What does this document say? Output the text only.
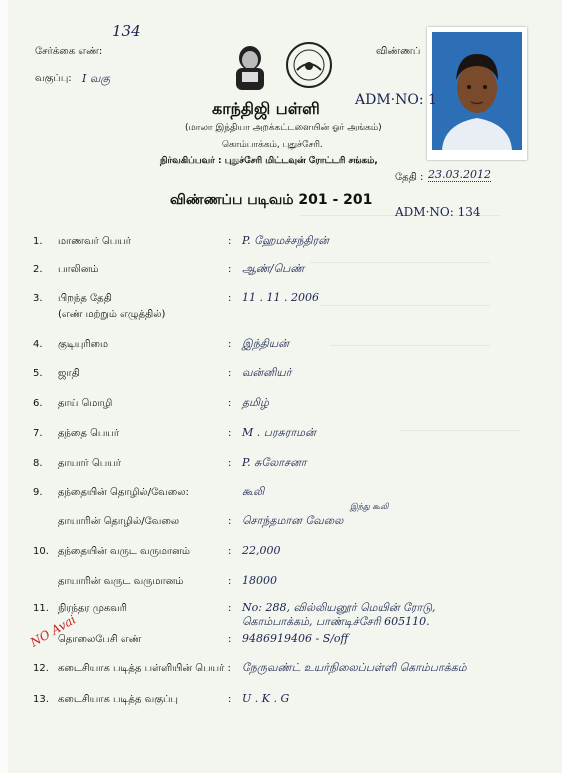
134
சேர்க்கை எண்:	விண்ணப்
வகுப்பு: I வகு
காந்திஜி பள்ளி	ADM·NO: 1
(மாலா இந்தியா அறக்கட்டளையின் ஓர் அங்கம்)
கொம்பாக்கம், புதுச்சேரி.
நிர்வகிப்பவர் : புதுச்சேரி மிட்டவுன் ரோட்டரி சங்கம்,
தேதி : 23.03.2012
விண்ணப்ப படிவம் 201 - 201
ADM·NO: 134
1. மாணவர் பெயர்	: P. ஹேமச்சந்திரன்
2. பாலினம்	: ஆண்/பெண்
3. பிறந்த தேதி
(எண் மற்றும் எழுத்தில்)
: 11 . 11 . 2006
4. குடியுரிமை	: இந்தியன்
5. ஜாதி	: வன்னியர்
6. தாய் மொழி	: தமிழ்
7. தந்தை பெயர்	: M . பரசுராமன்
8. தாயார் பெயர்	: P. சுலோசனா
9. தந்தையின் தொழில்/வேலை:	கூலி
தாயாரின் தொழில்/வேலை	: சொந்தமான வேலை
இந்து கூலி
10. தந்தையின் வருட வருமானம்	: 22,000
தாயாரின் வருட வருமானம்	: 18000
11. நிரந்தர முகவரி	: No: 288, வில்லியனூர் மெயின் ரோடு,
கொம்பாக்கம், பாண்டிச்சேரி 605110.
தொலைபேசி எண்	: 9486919406 - S/off
NO Avai
12. கடைசியாக படித்த பள்ளியின் பெயர் : நேருவண்ட் உயர்நிலைப்பள்ளி கொம்பாக்கம்
13. கடைசியாக படித்த வகுப்பு	: U . K . G
